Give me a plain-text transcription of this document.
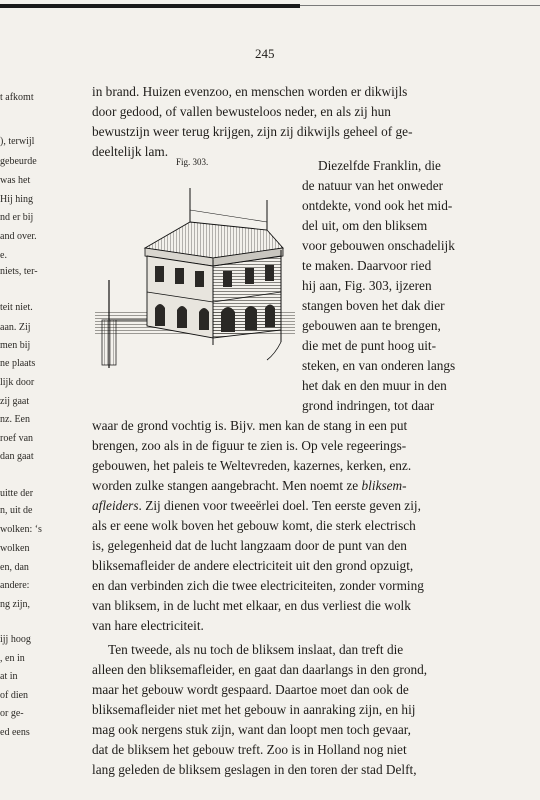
t afkomt
), terwijl
gebeurde
was het
Hij hing
nd er bij
and over.
e.
niets, ter-
teit niet.
aan. Zij
men bij
ne plaats
lijk door
zij gaat
nz. Een
roef van
dan gaat
uitte der
n, uit de
wolken: ‘s
wolken
en, dan
andere:
ng zijn,
ijj hoog
, en in
at in
of dien
or ge-
ed eens
245
in brand. Huizen evenzoo, en menschen worden er dikwijls
door gedood, of vallen bewusteloos neder, en als zij hun
bewustzijn weer terug krijgen, zijn zij dikwijls geheel of ge-
deeltelijk lam.
Diezelfde Franklin, die
de natuur van het onweder
ontdekte, vond ook het mid-
del uit, om den bliksem
voor gebouwen onschadelijk
te maken. Daarvoor ried
hij aan, Fig. 303, ijzeren
stangen boven het dak dier
gebouwen aan te brengen,
die met de punt hoog uit-
steken, en van onderen langs
het dak en den muur in den
grond indringen, tot daar
waar de grond vochtig is. Bijv. men kan de stang in een put
brengen, zoo als in de figuur te zien is. Op vele regeerings-
gebouwen, het paleis te Weltevreden, kazernes, kerken, enz.
worden zulke stangen aangebracht. Men noemt ze bliksem-
afleiders. Zij dienen voor tweeërlei doel. Ten eerste geven zij,
als er eene wolk boven het gebouw komt, die sterk electrisch
is, gelegenheid dat de lucht langzaam door de punt van den
bliksemafleider de andere electriciteit uit den grond opzuigt,
en dan verbinden zich die twee electriciteiten, zonder vorming
van bliksem, in de lucht met elkaar, en dus verliest die wolk
van hare electriciteit.
Ten tweede, als nu toch de bliksem inslaat, dan treft die
alleen den bliksemafleider, en gaat dan daarlangs in den grond,
maar het gebouw wordt gespaard. Daartoe moet dan ook de
bliksemafleider niet met het gebouw in aanraking zijn, en hij
mag ook nergens stuk zijn, want dan loopt men toch gevaar,
dat de bliksem het gebouw treft. Zoo is in Holland nog niet
lang geleden de bliksem geslagen in den toren der stad Delft,
Fig. 303.
